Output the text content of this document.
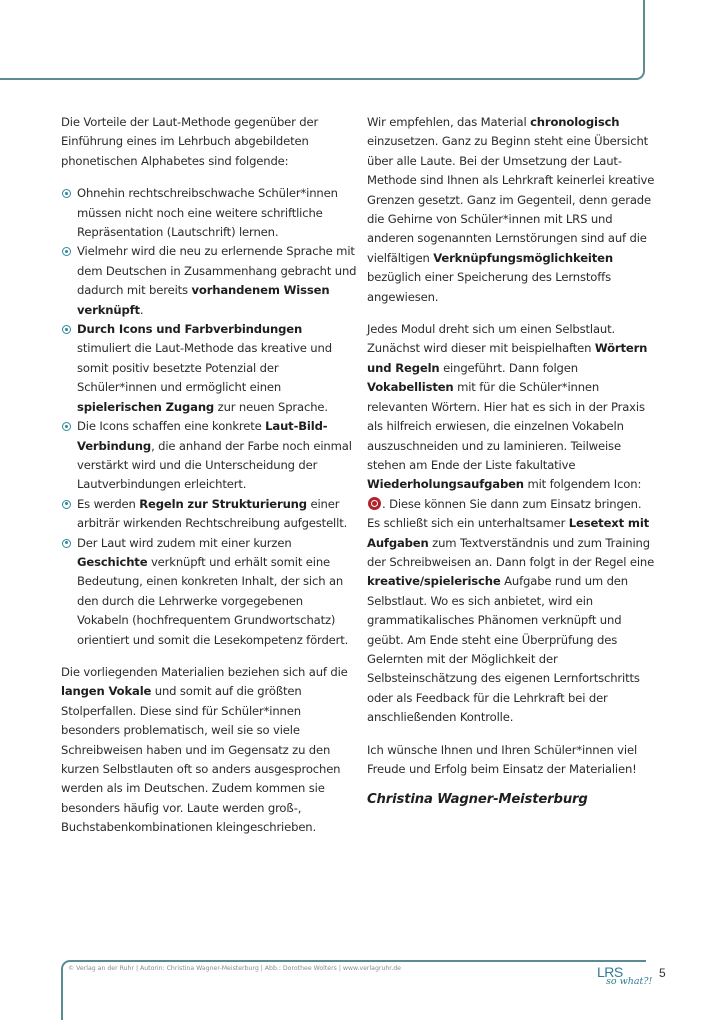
Die Vorteile der Laut-Methode gegenüber der Einführung eines im Lehrbuch abgebildeten phonetischen Alphabetes sind folgende:

Ohnehin rechtschreibschwache Schüler*innen müssen nicht noch eine weitere schriftliche Repräsentation (Lautschrift) lernen.
Vielmehr wird die neu zu erlernende Sprache mit dem Deutschen in Zusammenhang gebracht und dadurch mit bereits vorhandenem Wissen verknüpft.
Durch Icons und Farbverbindungen stimuliert die Laut-Methode das kreative und somit positiv besetzte Potenzial der Schüler*innen und ermöglicht einen spielerischen Zugang zur neuen Sprache.
Die Icons schaffen eine konkrete Laut-Bild-Verbindung, die anhand der Farbe noch einmal verstärkt wird und die Unterscheidung der Lautverbindungen erleichtert.
Es werden Regeln zur Strukturierung einer arbiträr wirkenden Rechtschreibung aufgestellt.
Der Laut wird zudem mit einer kurzen Geschichte verknüpft und erhält somit eine Bedeutung, einen konkreten Inhalt, der sich an den durch die Lehrwerke vorgegebenen Vokabeln (hochfrequentem Grundwortschatz) orientiert und somit die Lesekompetenz fördert.

Die vorliegenden Materialien beziehen sich auf die langen Vokale und somit auf die größten Stolperfallen. Diese sind für Schüler*innen besonders problematisch, weil sie so viele Schreibweisen haben und im Gegensatz zu den kurzen Selbstlauten oft so anders ausgesprochen werden als im Deutschen. Zudem kommen sie besonders häufig vor. Laute werden groß-, Buchstabenkombinationen kleingeschrieben.

Wir empfehlen, das Material chronologisch einzusetzen. Ganz zu Beginn steht eine Übersicht über alle Laute. Bei der Umsetzung der Laut-Methode sind Ihnen als Lehrkraft keinerlei kreative Grenzen gesetzt. Ganz im Gegenteil, denn gerade die Gehirne von Schüler*innen mit LRS und anderen sogenannten Lernstörungen sind auf die vielfältigen Verknüpfungsmöglichkeiten bezüglich einer Speicherung des Lernstoffs angewiesen.

Jedes Modul dreht sich um einen Selbstlaut. Zunächst wird dieser mit beispielhaften Wörtern und Regeln eingeführt. Dann folgen Vokabellisten mit für die Schüler*innen relevanten Wörtern. Hier hat es sich in der Praxis als hilfreich erwiesen, die einzelnen Vokabeln auszuschneiden und zu laminieren. Teilweise stehen am Ende der Liste fakultative Wiederholungsaufgaben mit folgendem Icon: . Diese können Sie dann zum Einsatz bringen. Es schließt sich ein unterhaltsamer Lesetext mit Aufgaben zum Textverständnis und zum Training der Schreibweisen an. Dann folgt in der Regel eine kreative/spielerische Aufgabe rund um den Selbstlaut. Wo es sich anbietet, wird ein grammatikalisches Phänomen verknüpft und geübt. Am Ende steht eine Überprüfung des Gelernten mit der Möglichkeit der Selbsteinschätzung des eigenen Lernfortschritts oder als Feedback für die Lehrkraft bei der anschließenden Kontrolle.

Ich wünsche Ihnen und Ihren Schüler*innen viel Freude und Erfolg beim Einsatz der Materialien!

Christina Wagner-Meisterburg
© Verlag an der Ruhr | Autorin: Christina Wagner-Meisterburg | Abb.: Dorothee Wolters | www.verlagruhr.de	LRS
so what?!
5
